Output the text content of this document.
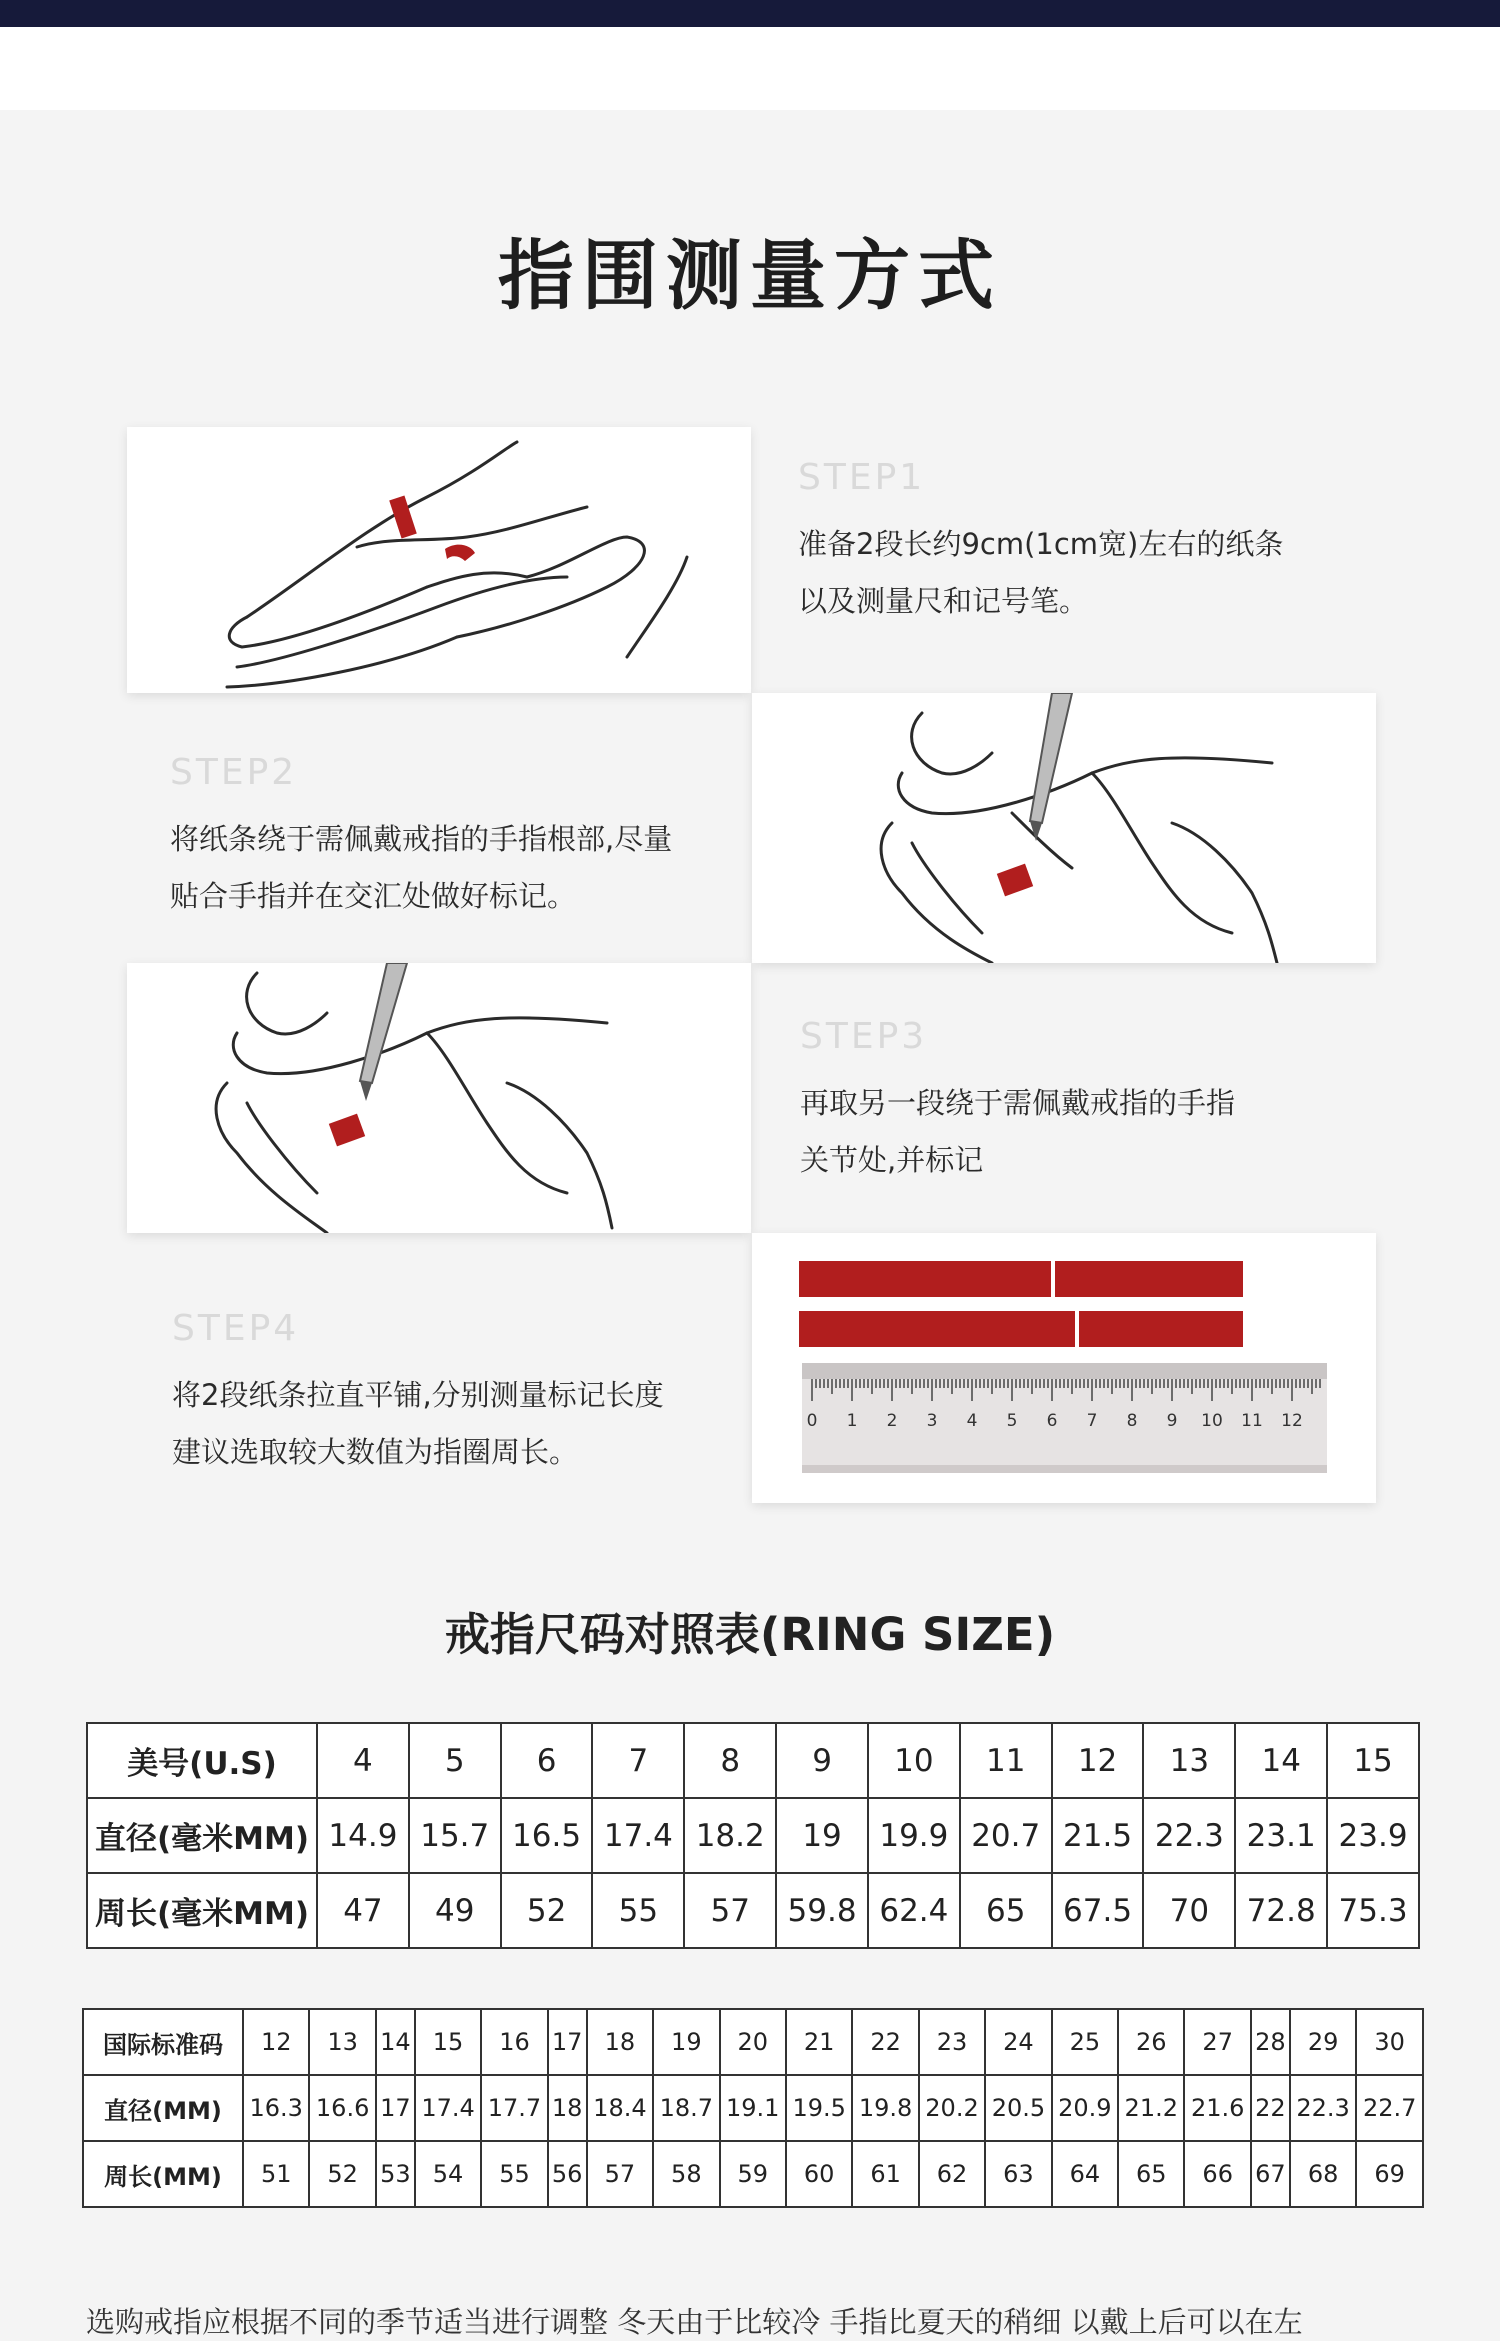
指围测量方式

STEP1

准备2段长约9cm(1cm宽)左右的纸条
以及测量尺和记号笔。

STEP2

将纸条绕于需佩戴戒指的手指根部,尽量
贴合手指并在交汇处做好标记。

STEP3

再取另一段绕于需佩戴戒指的手指
关节处,并标记

STEP4

将2段纸条拉直平铺,分别测量标记长度
建议选取较大数值为指圈周长。

0 1 2 3 4 5 6 7 8 9 10 11 12
戒指尺码对照表(RING SIZE)
美号(U.S)	4	5	6	7	8	9	10	11	12	13	14	15
直径(毫米MM)	14.9	15.7	16.5	17.4	18.2	19	19.9	20.7	21.5	22.3	23.1	23.9
周长(毫米MM)	47	49	52	55	57	59.8	62.4	65	67.5	70	72.8	75.3
国际标准码	12	13	14	15	16	17	18	19	20	21	22	23	24	25	26	27	28	29	30
直径(MM)	16.3	16.6	17	17.4	17.7	18	18.4	18.7	19.1	19.5	19.8	20.2	20.5	20.9	21.2	21.6	22	22.3	22.7
周长(MM)	51	52	53	54	55	56	57	58	59	60	61	62	63	64	65	66	67	68	69
选购戒指应根据不同的季节适当进行调整 冬天由于比较冷 手指比夏天的稍细 以戴上后可以在左
